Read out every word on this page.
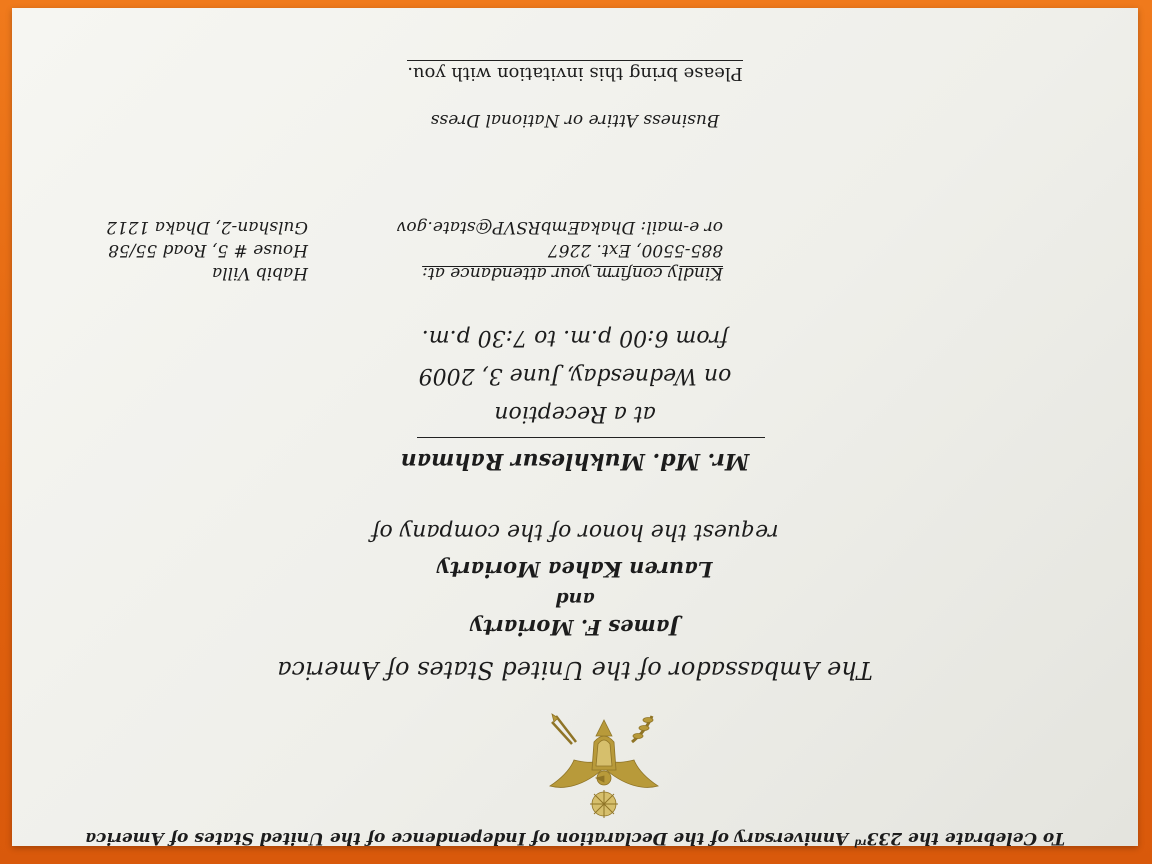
To Celebrate the 233rd Anniversary of the Declaration of Independence of the United States of America
The Ambassador of the United States of America
James F. Moriarty
and
Lauren Kahea Moriarty
request the honor of the company of
Mr. Md. Mukhlesur Rahman
at a Reception
on Wednesday, June 3, 2009
from 6:00 p.m. to 7:30 p.m.
Kindly confirm your attendance at:
885-5500, Ext. 2267
or e-mail: DhakaEmbRSVP@state.gov
Habib Villa
House # 5, Road 55/58
Gulshan-2, Dhaka 1212
Business Attire or National Dress
Please bring this invitation with you.
